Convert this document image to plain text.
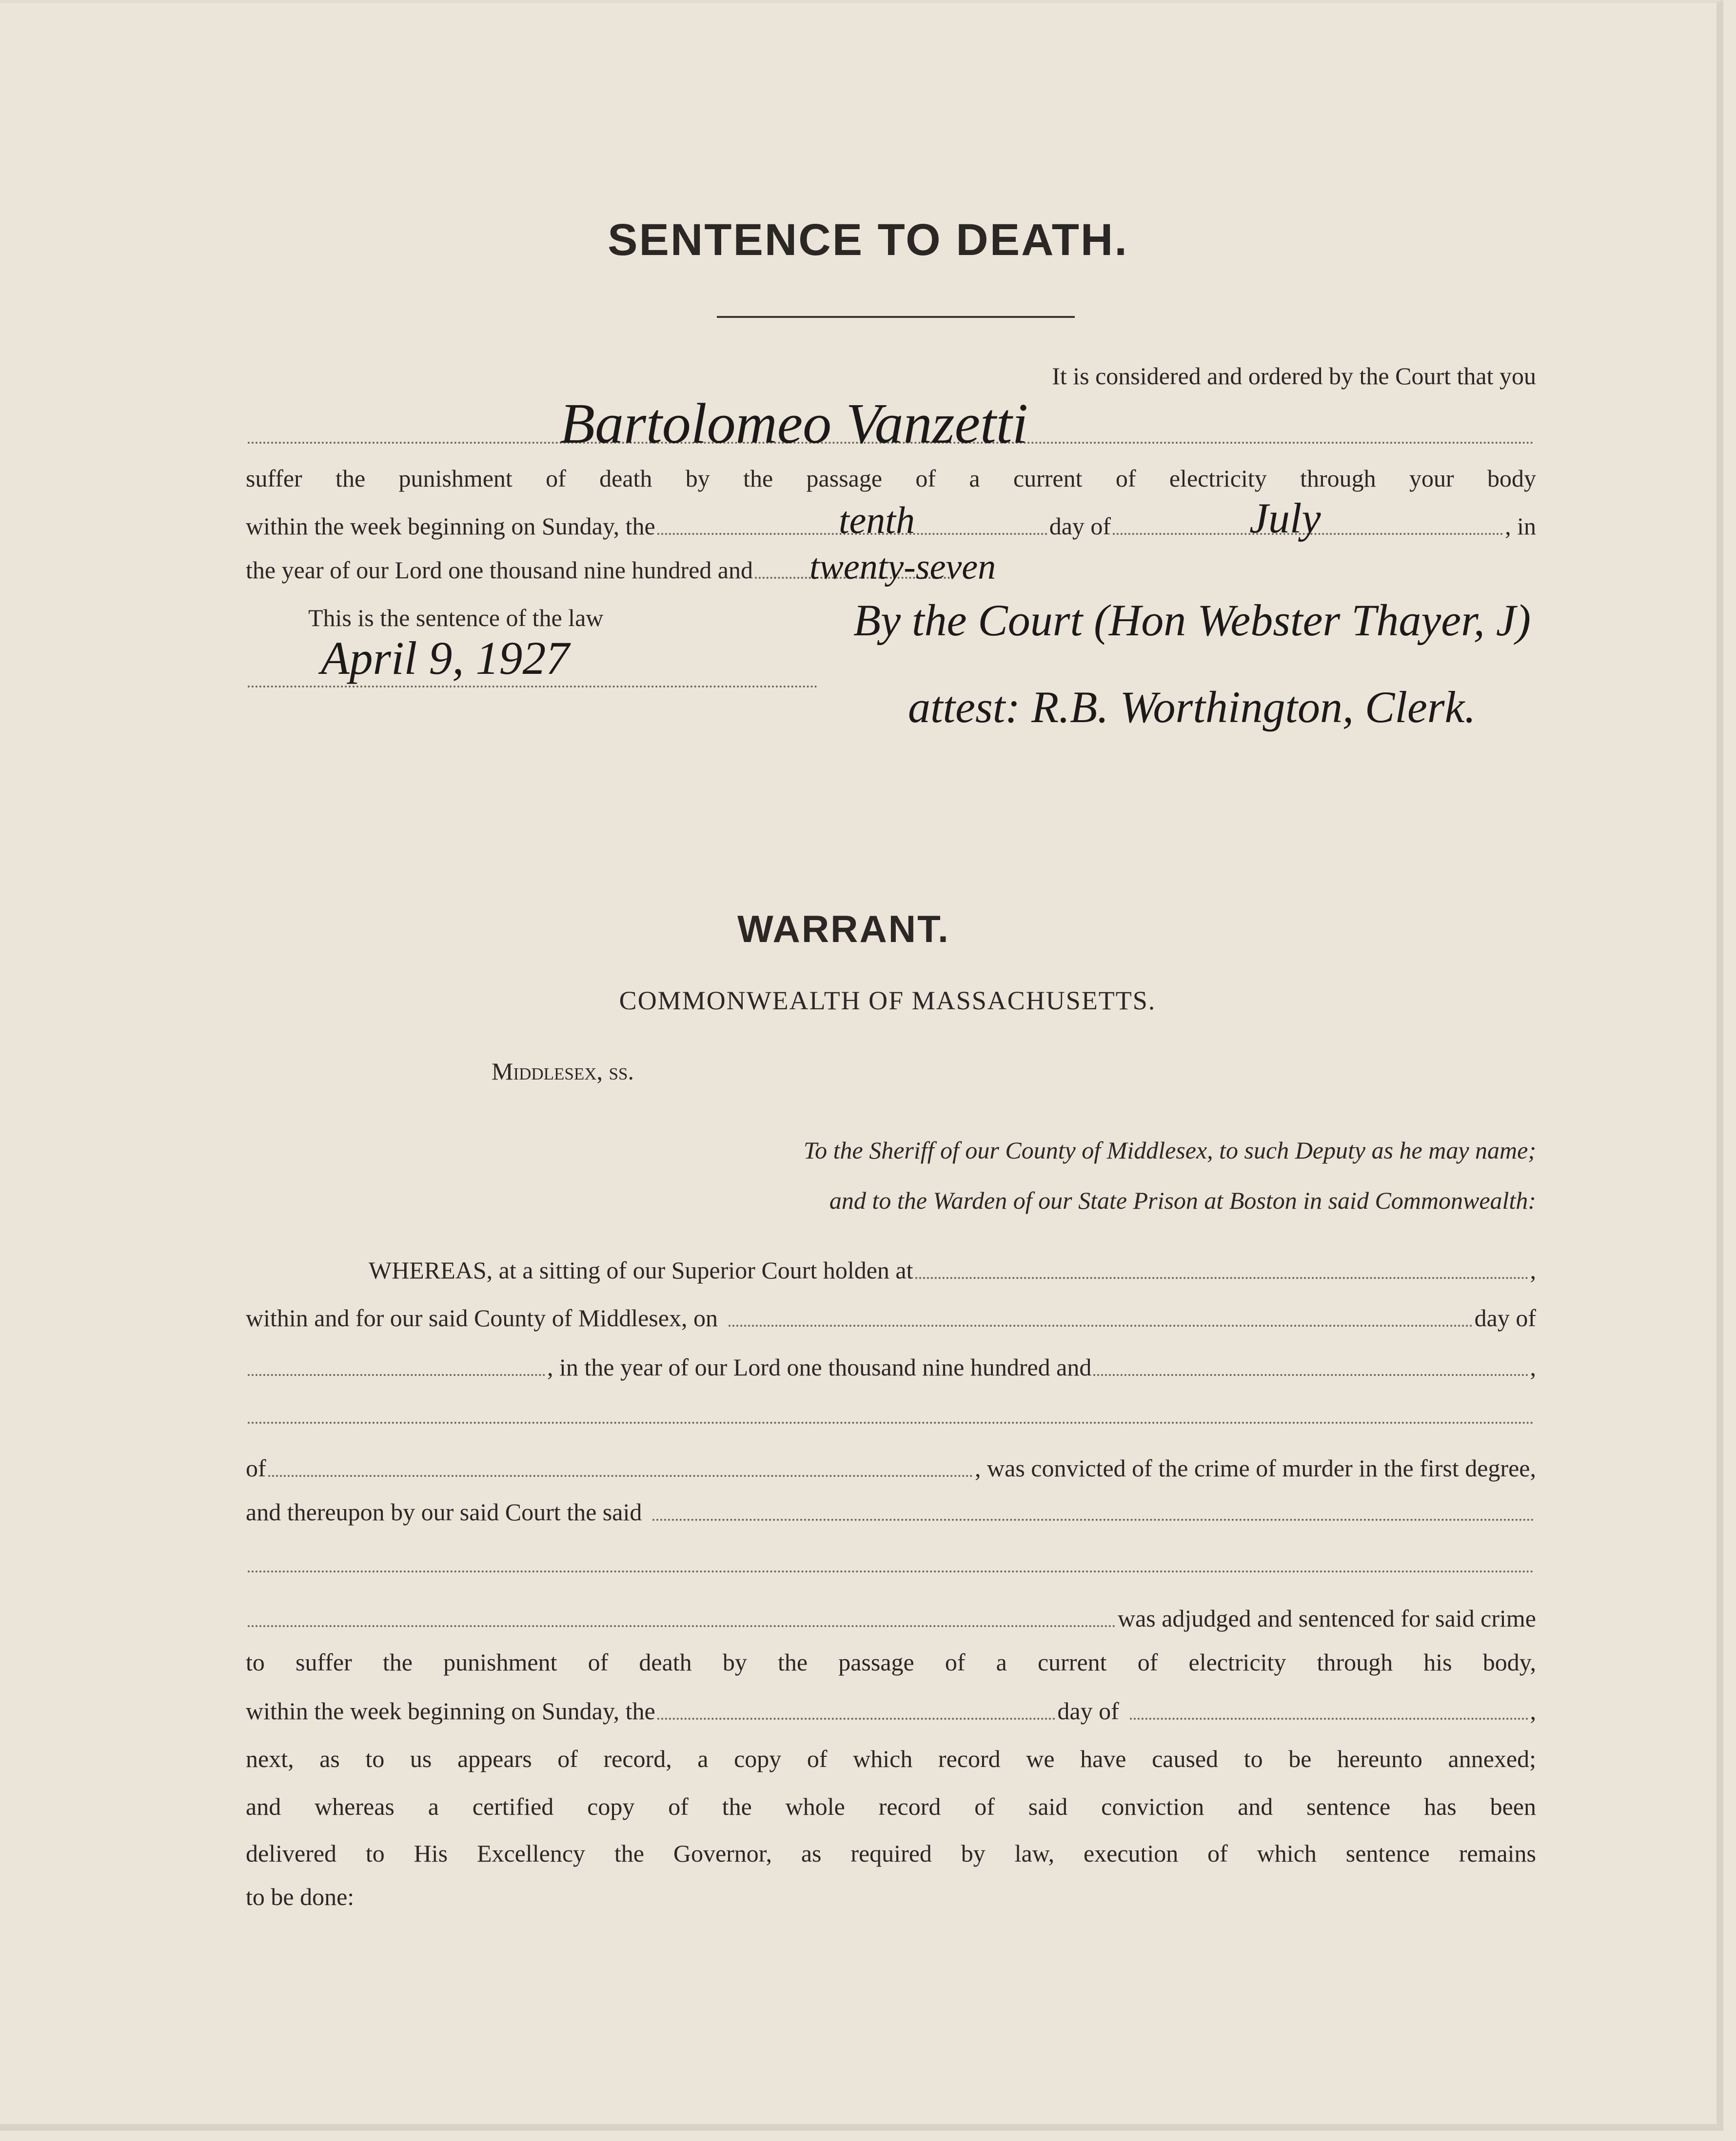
SENTENCE TO DEATH.
It is considered and ordered by the Court that you
suffer the punishment of death by the passage of a current of electricity through your body
within the week beginning on Sunday, the	day of	, in
the year of our Lord one thousand nine hundred and
This is the sentence of the law
Bartolomeo Vanzetti
tenth	July
twenty-seven
April 9, 1927
By the Court (Hon Webster Thayer, J)
attest: R.B. Worthington, Clerk.
WARRANT.
COMMONWEALTH OF MASSACHUSETTS.
Middlesex, ss.
To the Sheriff of our County of Middlesex, to such Deputy as he may name;
and to the Warden of our State Prison at Boston in said Commonwealth:
WHEREAS, at a sitting of our Superior Court holden at	,
within and for our said County of Middlesex, on	day of
, in the year of our Lord one thousand nine hundred and	,
of	, was convicted of the crime of murder in the first degree,
and thereupon by our said Court the said
was adjudged and sentenced for said crime
to suffer the punishment of death by the passage of a current of electricity through his body,
within the week beginning on Sunday, the	day of	,
next, as to us appears of record, a copy of which record we have caused to be hereunto annexed;
and whereas a certified copy of the whole record of said conviction and sentence has been
delivered to His Excellency the Governor, as required by law, execution of which sentence remains
to be done:
